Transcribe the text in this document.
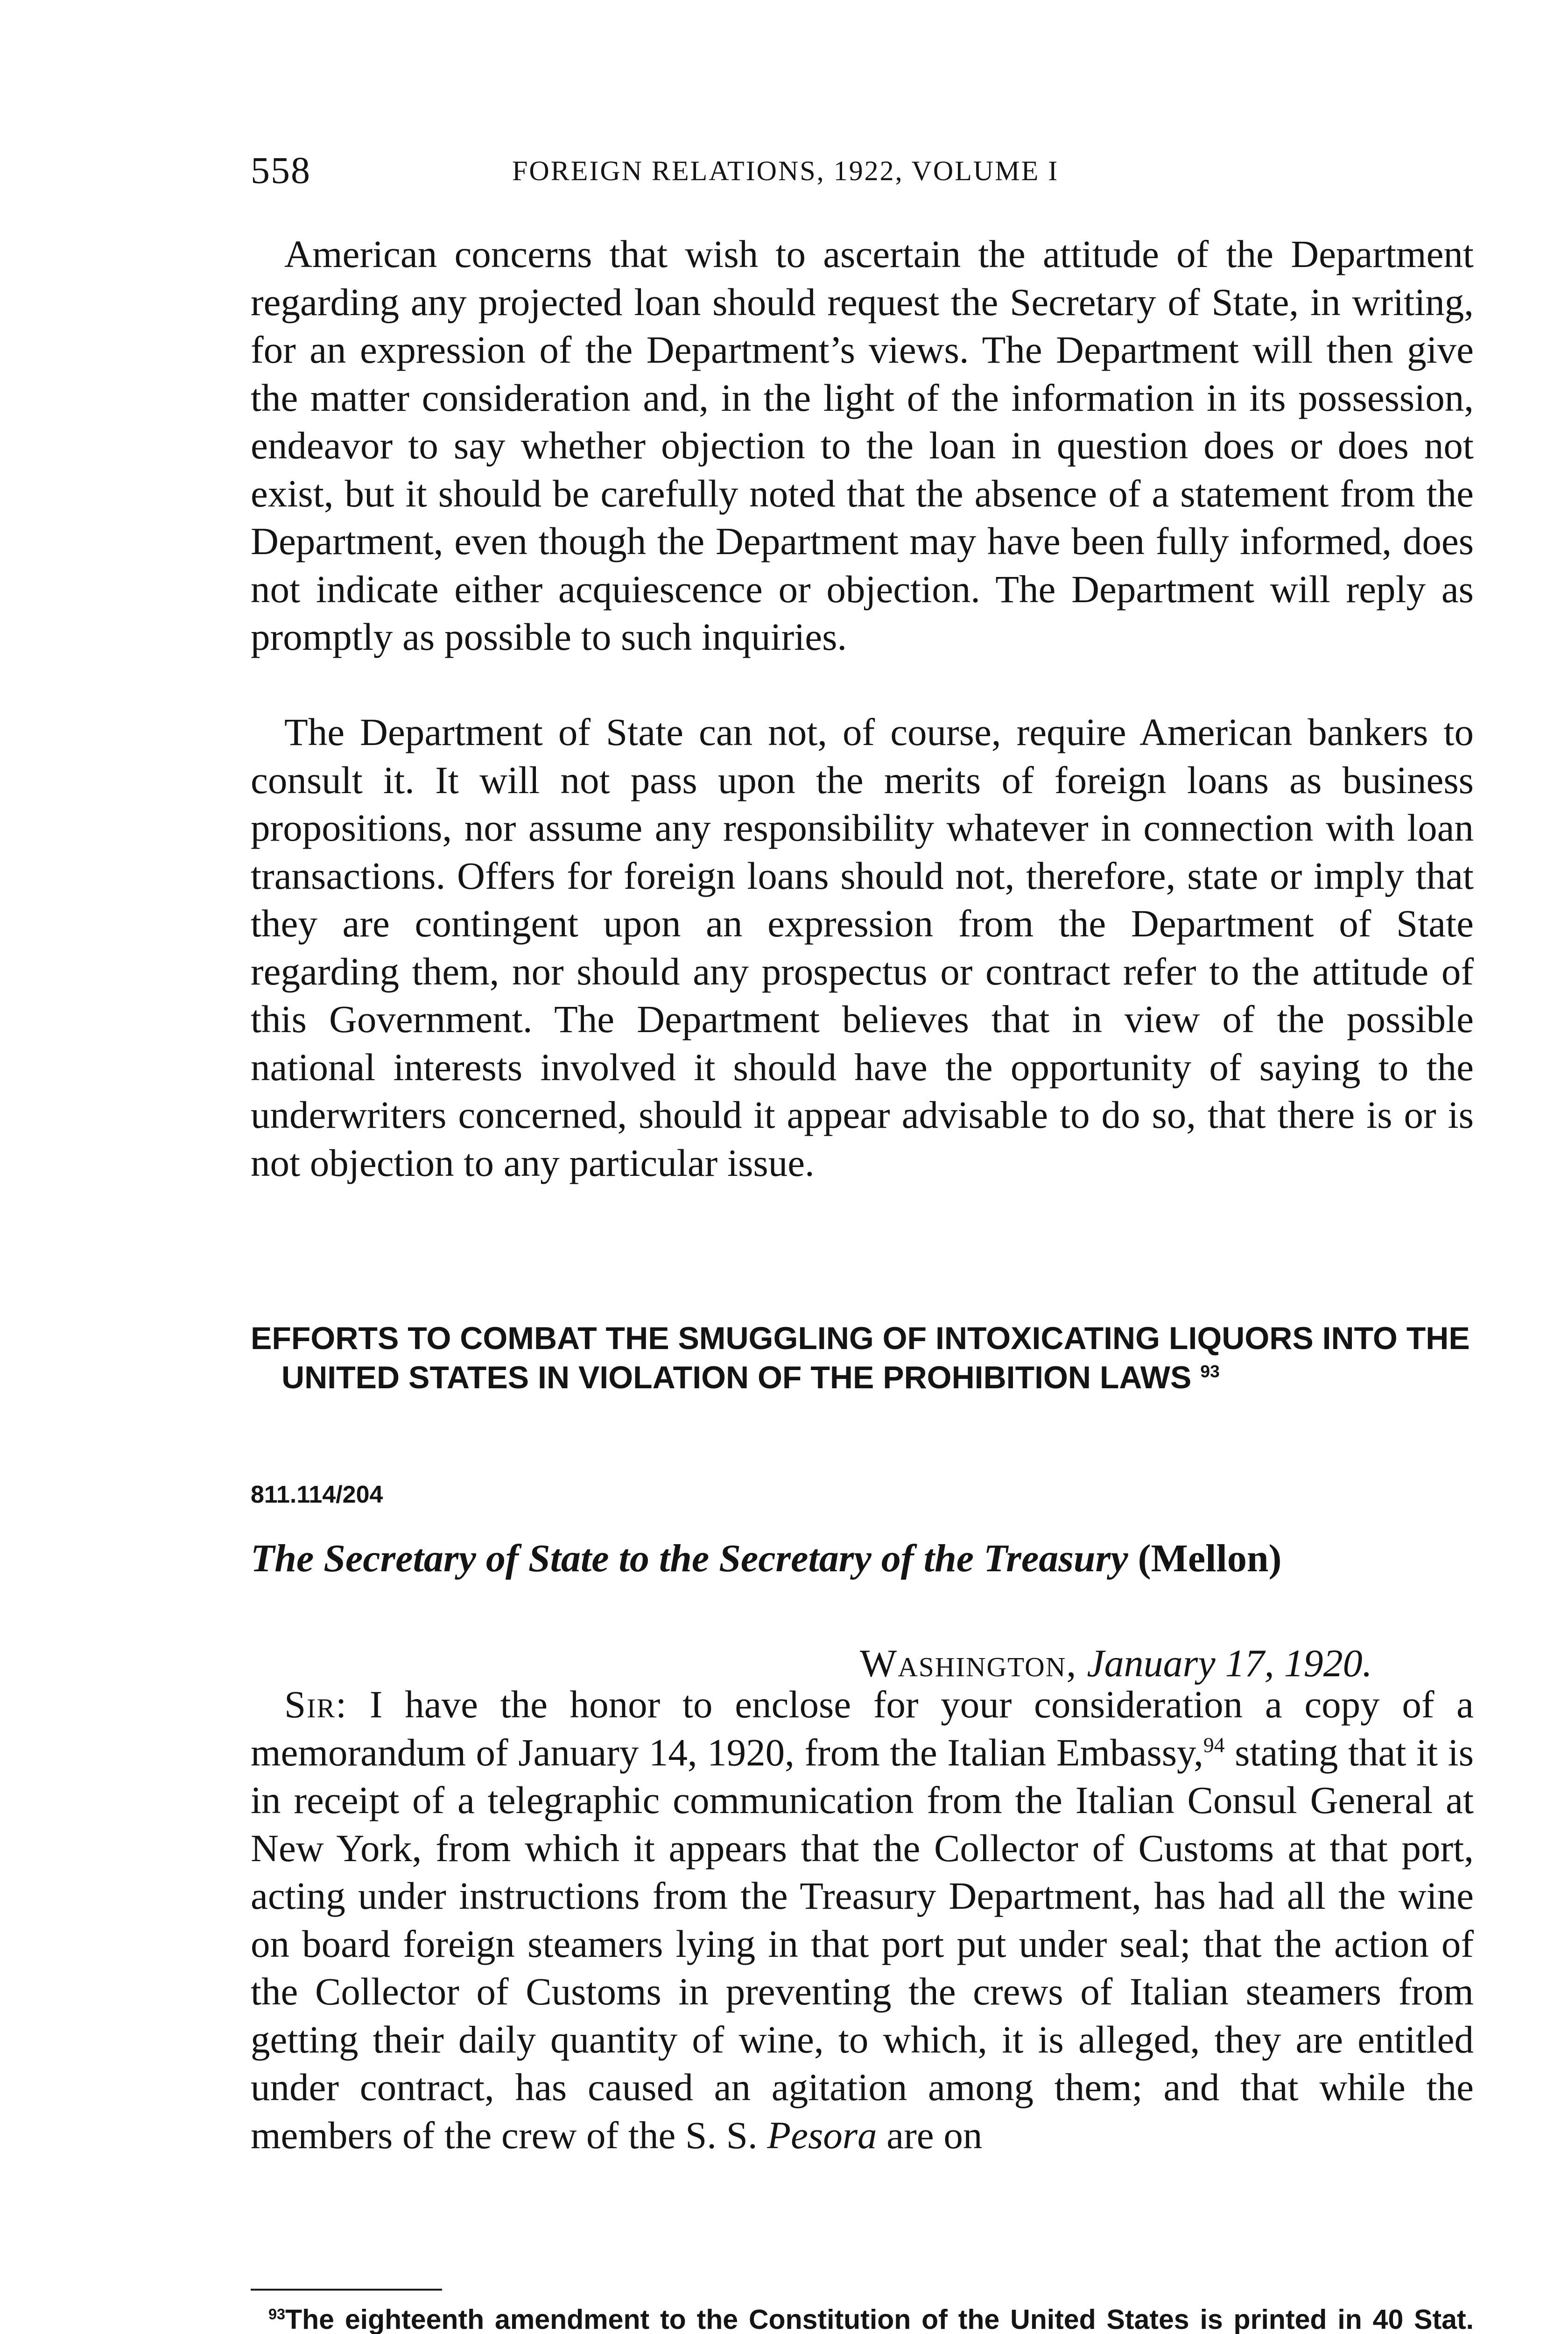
558	FOREIGN RELATIONS, 1922, VOLUME I

American concerns that wish to ascertain the attitude of the Department regarding any projected loan should request the Secretary of State, in writing, for an expression of the Department’s views. The Department will then give the matter consideration and, in the light of the information in its possession, endeavor to say whether objection to the loan in question does or does not exist, but it should be carefully noted that the absence of a statement from the Department, even though the Department may have been fully informed, does not indicate either acquiescence or objection. The Department will reply as promptly as possible to such inquiries.

The Department of State can not, of course, require American bankers to consult it. It will not pass upon the merits of foreign loans as business propositions, nor assume any responsibility whatever in connection with loan transactions. Offers for foreign loans should not, therefore, state or imply that they are contingent upon an expression from the Department of State regarding them, nor should any prospectus or contract refer to the attitude of this Government. The Department believes that in view of the possible national interests involved it should have the opportunity of saying to the underwriters concerned, should it appear advisable to do so, that there is or is not objection to any particular issue.

EFFORTS TO COMBAT THE SMUGGLING OF INTOXICATING LIQUORS INTO THE UNITED STATES IN VIOLATION OF THE PROHIBITION LAWS $^{93}$
811.114/204
The Secretary of State to the Secretary of the Treasury (Mellon)
Washington, January 17, 1920.

Sir: I have the honor to enclose for your consideration a copy of a memorandum of January 14, 1920, from the Italian Embassy,$^{94}$ stating that it is in receipt of a telegraphic communication from the Italian Consul General at New York, from which it appears that the Collector of Customs at that port, acting under instructions from the Treasury Department, has had all the wine on board foreign steamers lying in that port put under seal; that the action of the Collector of Customs in preventing the crews of Italian steamers from getting their daily quantity of wine, to which, it is alleged, they are entitled under contract, has caused an agitation among them; and that while the members of the crew of the S. S. Pesora are on

$^{93}$The eighteenth amendment to the Constitution of the United States is printed in 40 Stat.
